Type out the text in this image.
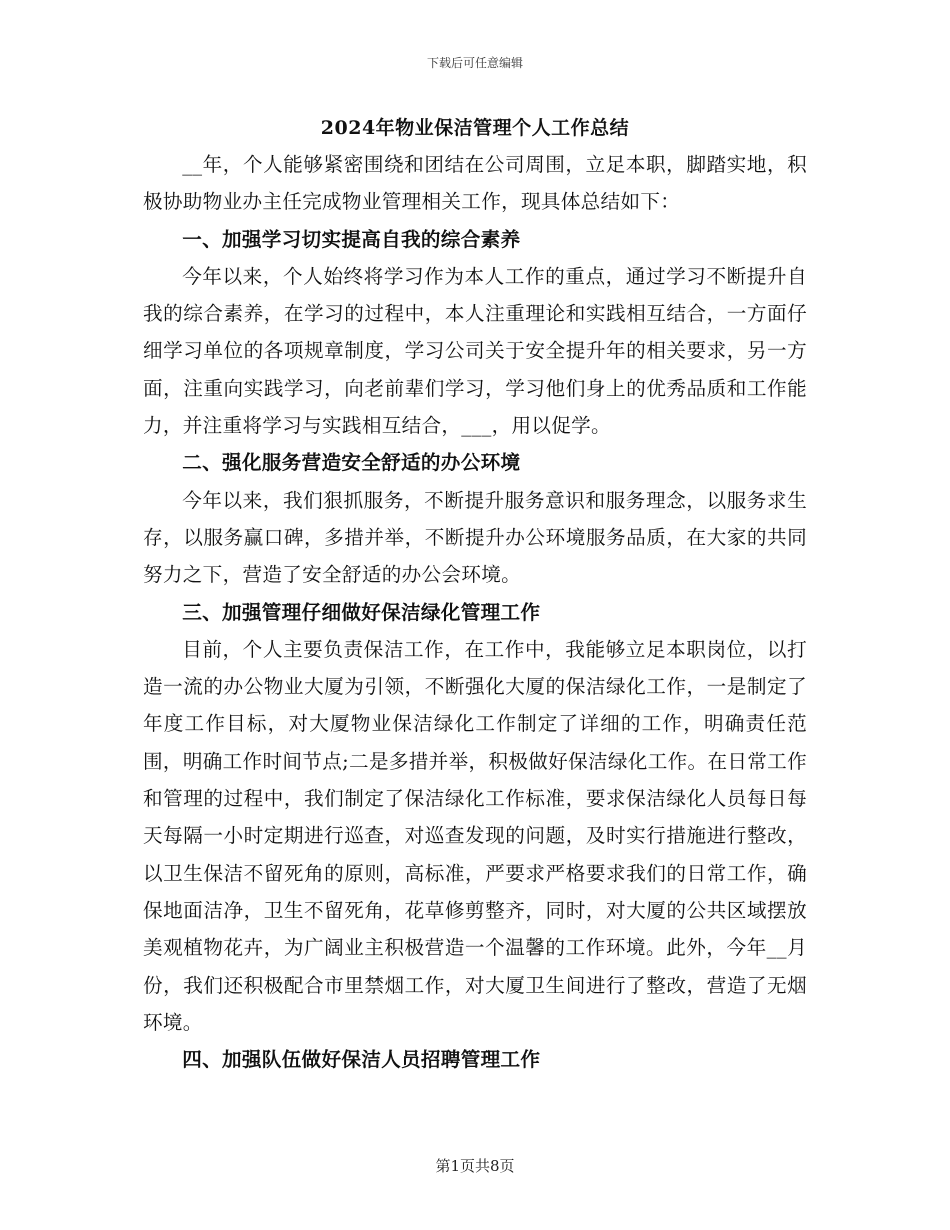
下载后可任意编辑
2024年物业保洁管理个人工作总结

__年，个人能够紧密围绕和团结在公司周围，立足本职，脚踏实地，积极协助物业办主任完成物业管理相关工作，现具体总结如下：

一、加强学习切实提高自我的综合素养

今年以来，个人始终将学习作为本人工作的重点，通过学习不断提升自我的综合素养，在学习的过程中，本人注重理论和实践相互结合，一方面仔细学习单位的各项规章制度，学习公司关于安全提升年的相关要求，另一方面，注重向实践学习，向老前辈们学习，学习他们身上的优秀品质和工作能力，并注重将学习与实践相互结合，___，用以促学。

二、强化服务营造安全舒适的办公环境

今年以来，我们狠抓服务，不断提升服务意识和服务理念，以服务求生存，以服务赢口碑，多措并举，不断提升办公环境服务品质，在大家的共同努力之下，营造了安全舒适的办公会环境。

三、加强管理仔细做好保洁绿化管理工作

目前，个人主要负责保洁工作，在工作中，我能够立足本职岗位，以打造一流的办公物业大厦为引领，不断强化大厦的保洁绿化工作，一是制定了年度工作目标，对大厦物业保洁绿化工作制定了详细的工作，明确责任范围，明确工作时间节点;二是多措并举，积极做好保洁绿化工作。在日常工作和管理的过程中，我们制定了保洁绿化工作标准，要求保洁绿化人员每日每天每隔一小时定期进行巡查，对巡查发现的问题，及时实行措施进行整改，以卫生保洁不留死角的原则，高标准，严要求严格要求我们的日常工作，确保地面洁净，卫生不留死角，花草修剪整齐，同时，对大厦的公共区域摆放美观植物花卉，为广阔业主积极营造一个温馨的工作环境。此外，今年__月份，我们还积极配合市里禁烟工作，对大厦卫生间进行了整改，营造了无烟环境。

四、加强队伍做好保洁人员招聘管理工作

第1页共8页
